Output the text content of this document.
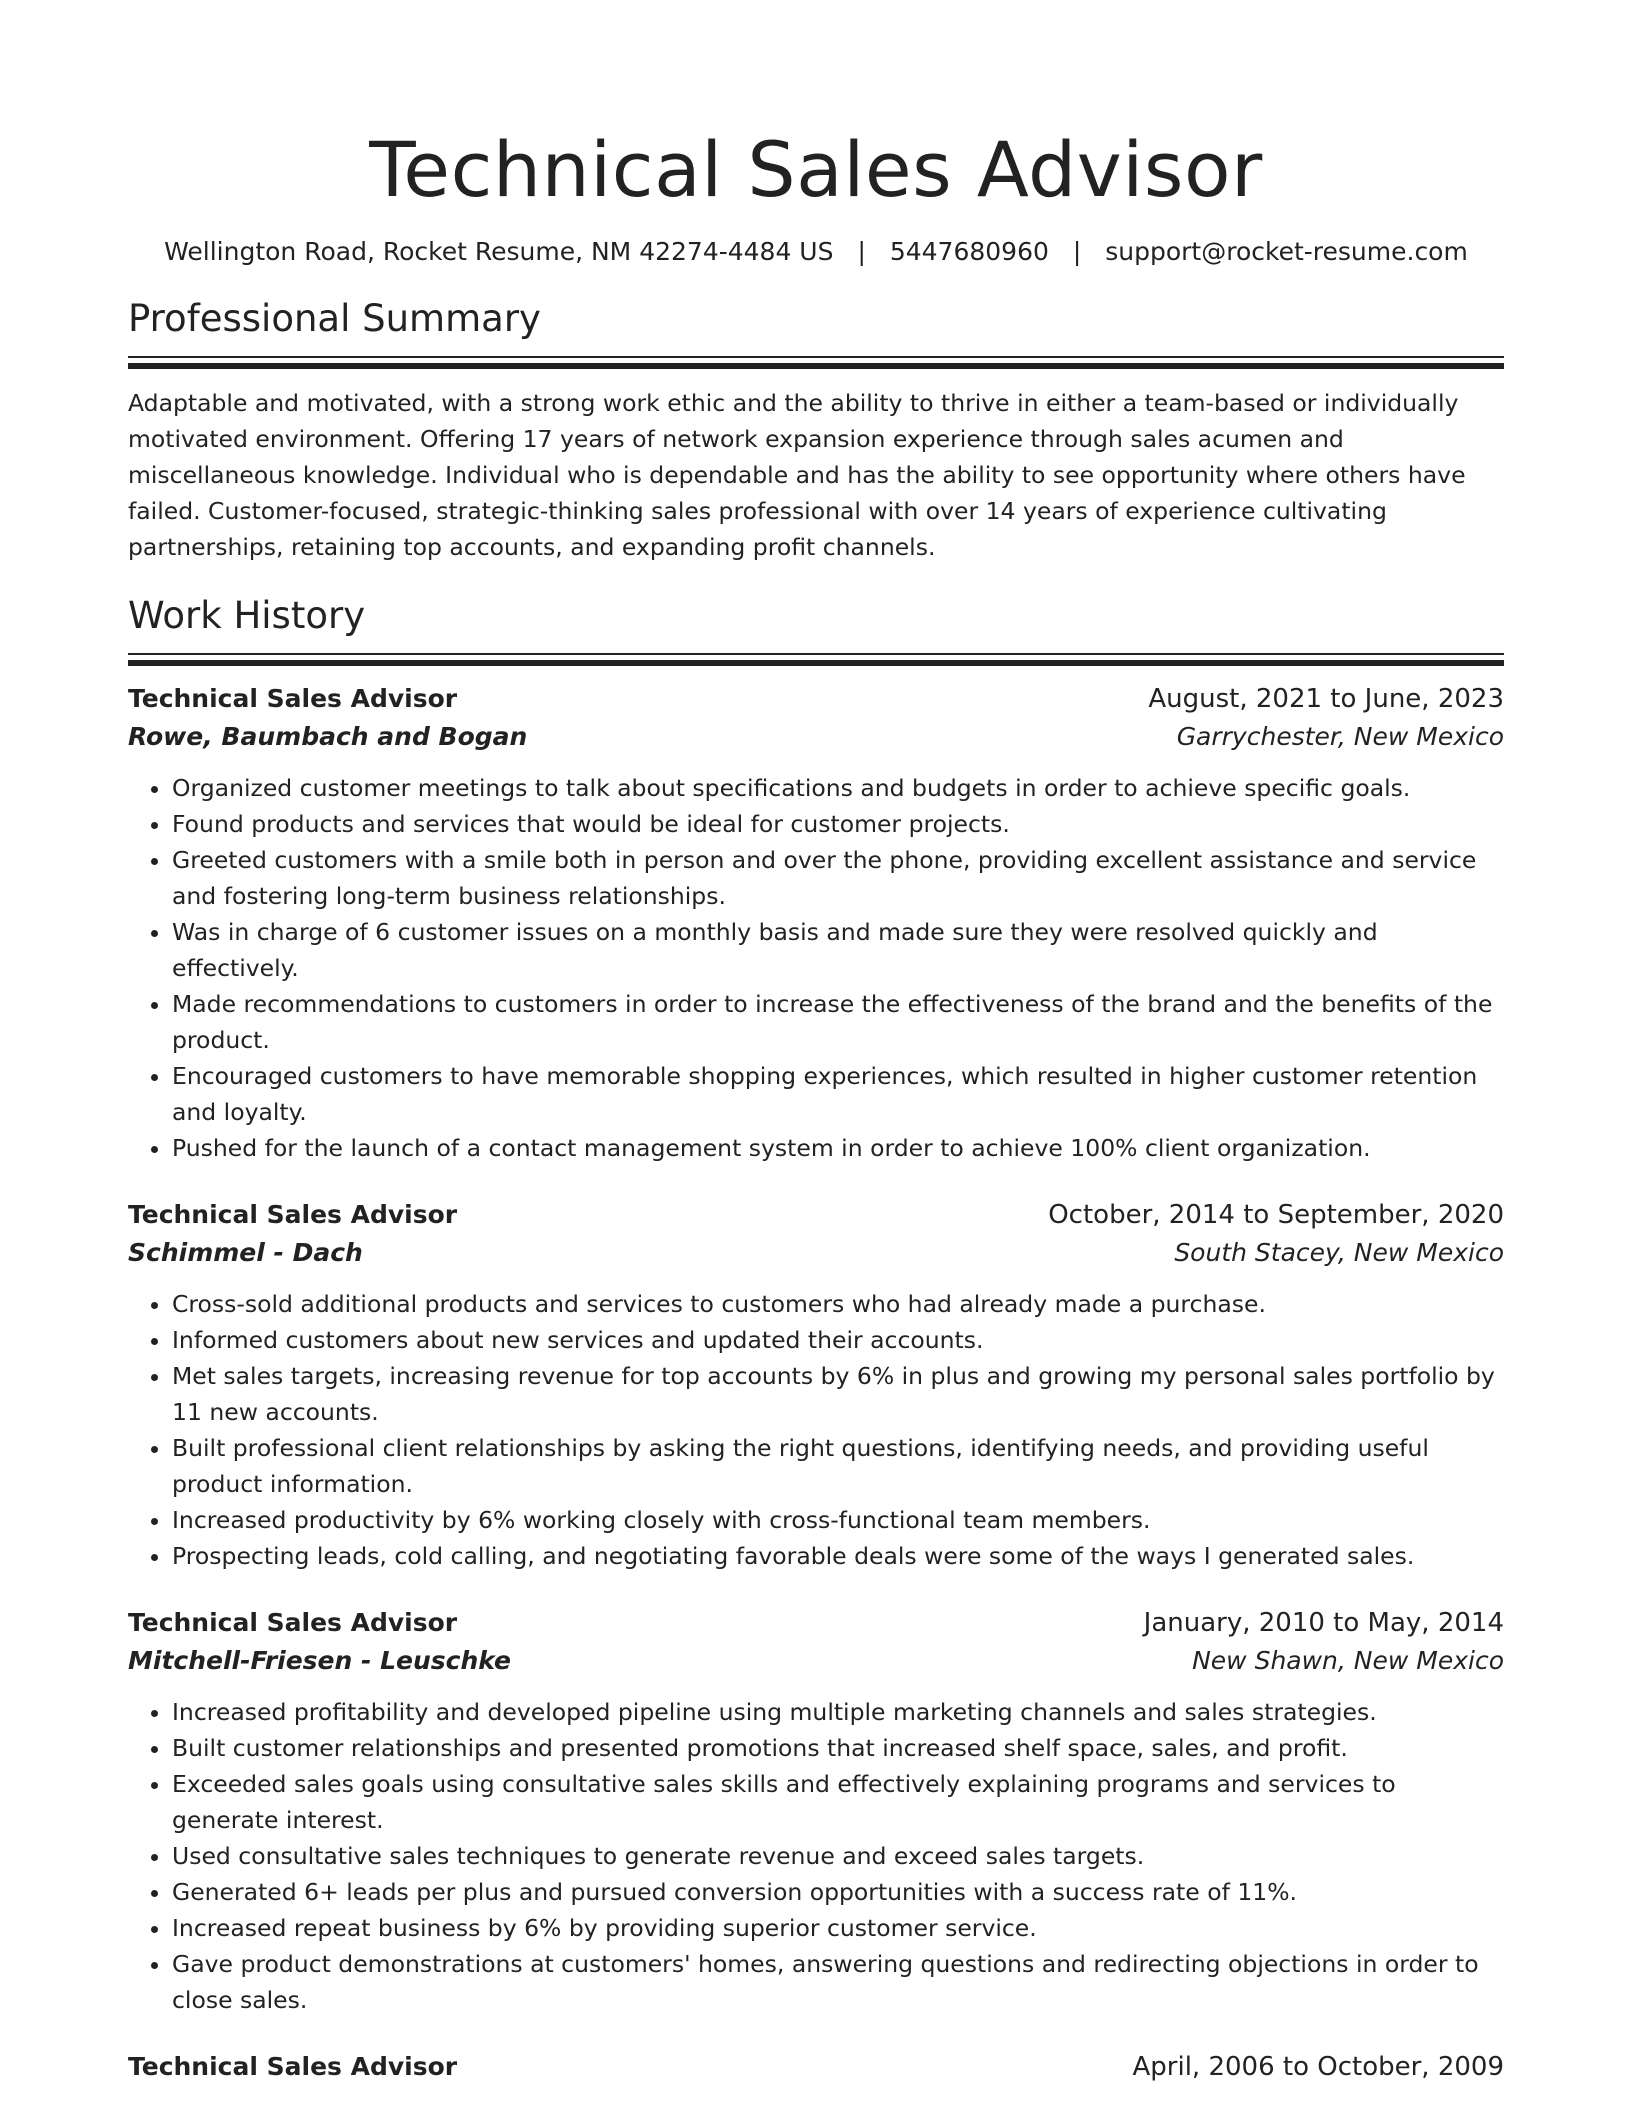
Technical Sales Advisor
Wellington Road, Rocket Resume, NM 42274-4484 US | 5447680960 | support@rocket-resume.com
Professional Summary

Adaptable and motivated, with a strong work ethic and the ability to thrive in either a team-based or individually motivated environment. Offering 17 years of network expansion experience through sales acumen and miscellaneous knowledge. Individual who is dependable and has the ability to see opportunity where others have failed. Customer-focused, strategic-thinking sales professional with over 14 years of experience cultivating partnerships, retaining top accounts, and expanding profit channels.

Work History
Technical Sales Advisor	August, 2021 to June, 2023
Rowe, Baumbach and Bogan	Garrychester, New Mexico
• Organized customer meetings to talk about specifications and budgets in order to achieve specific goals.
• Found products and services that would be ideal for customer projects.
• Greeted customers with a smile both in person and over the phone, providing excellent assistance and service and fostering long-term business relationships.
• Was in charge of 6 customer issues on a monthly basis and made sure they were resolved quickly and effectively.
• Made recommendations to customers in order to increase the effectiveness of the brand and the benefits of the product.
• Encouraged customers to have memorable shopping experiences, which resulted in higher customer retention and loyalty.
• Pushed for the launch of a contact management system in order to achieve 100% client organization.
Technical Sales Advisor	October, 2014 to September, 2020
Schimmel - Dach	South Stacey, New Mexico
• Cross-sold additional products and services to customers who had already made a purchase.
• Informed customers about new services and updated their accounts.
• Met sales targets, increasing revenue for top accounts by 6% in plus and growing my personal sales portfolio by 11 new accounts.
• Built professional client relationships by asking the right questions, identifying needs, and providing useful product information.
• Increased productivity by 6% working closely with cross-functional team members.
• Prospecting leads, cold calling, and negotiating favorable deals were some of the ways I generated sales.
Technical Sales Advisor	January, 2010 to May, 2014
Mitchell-Friesen - Leuschke	New Shawn, New Mexico
• Increased profitability and developed pipeline using multiple marketing channels and sales strategies.
• Built customer relationships and presented promotions that increased shelf space, sales, and profit.
• Exceeded sales goals using consultative sales skills and effectively explaining programs and services to generate interest.
• Used consultative sales techniques to generate revenue and exceed sales targets.
• Generated 6+ leads per plus and pursued conversion opportunities with a success rate of 11%.
• Increased repeat business by 6% by providing superior customer service.
• Gave product demonstrations at customers' homes, answering questions and redirecting objections in order to close sales.
Technical Sales Advisor	April, 2006 to October, 2009
